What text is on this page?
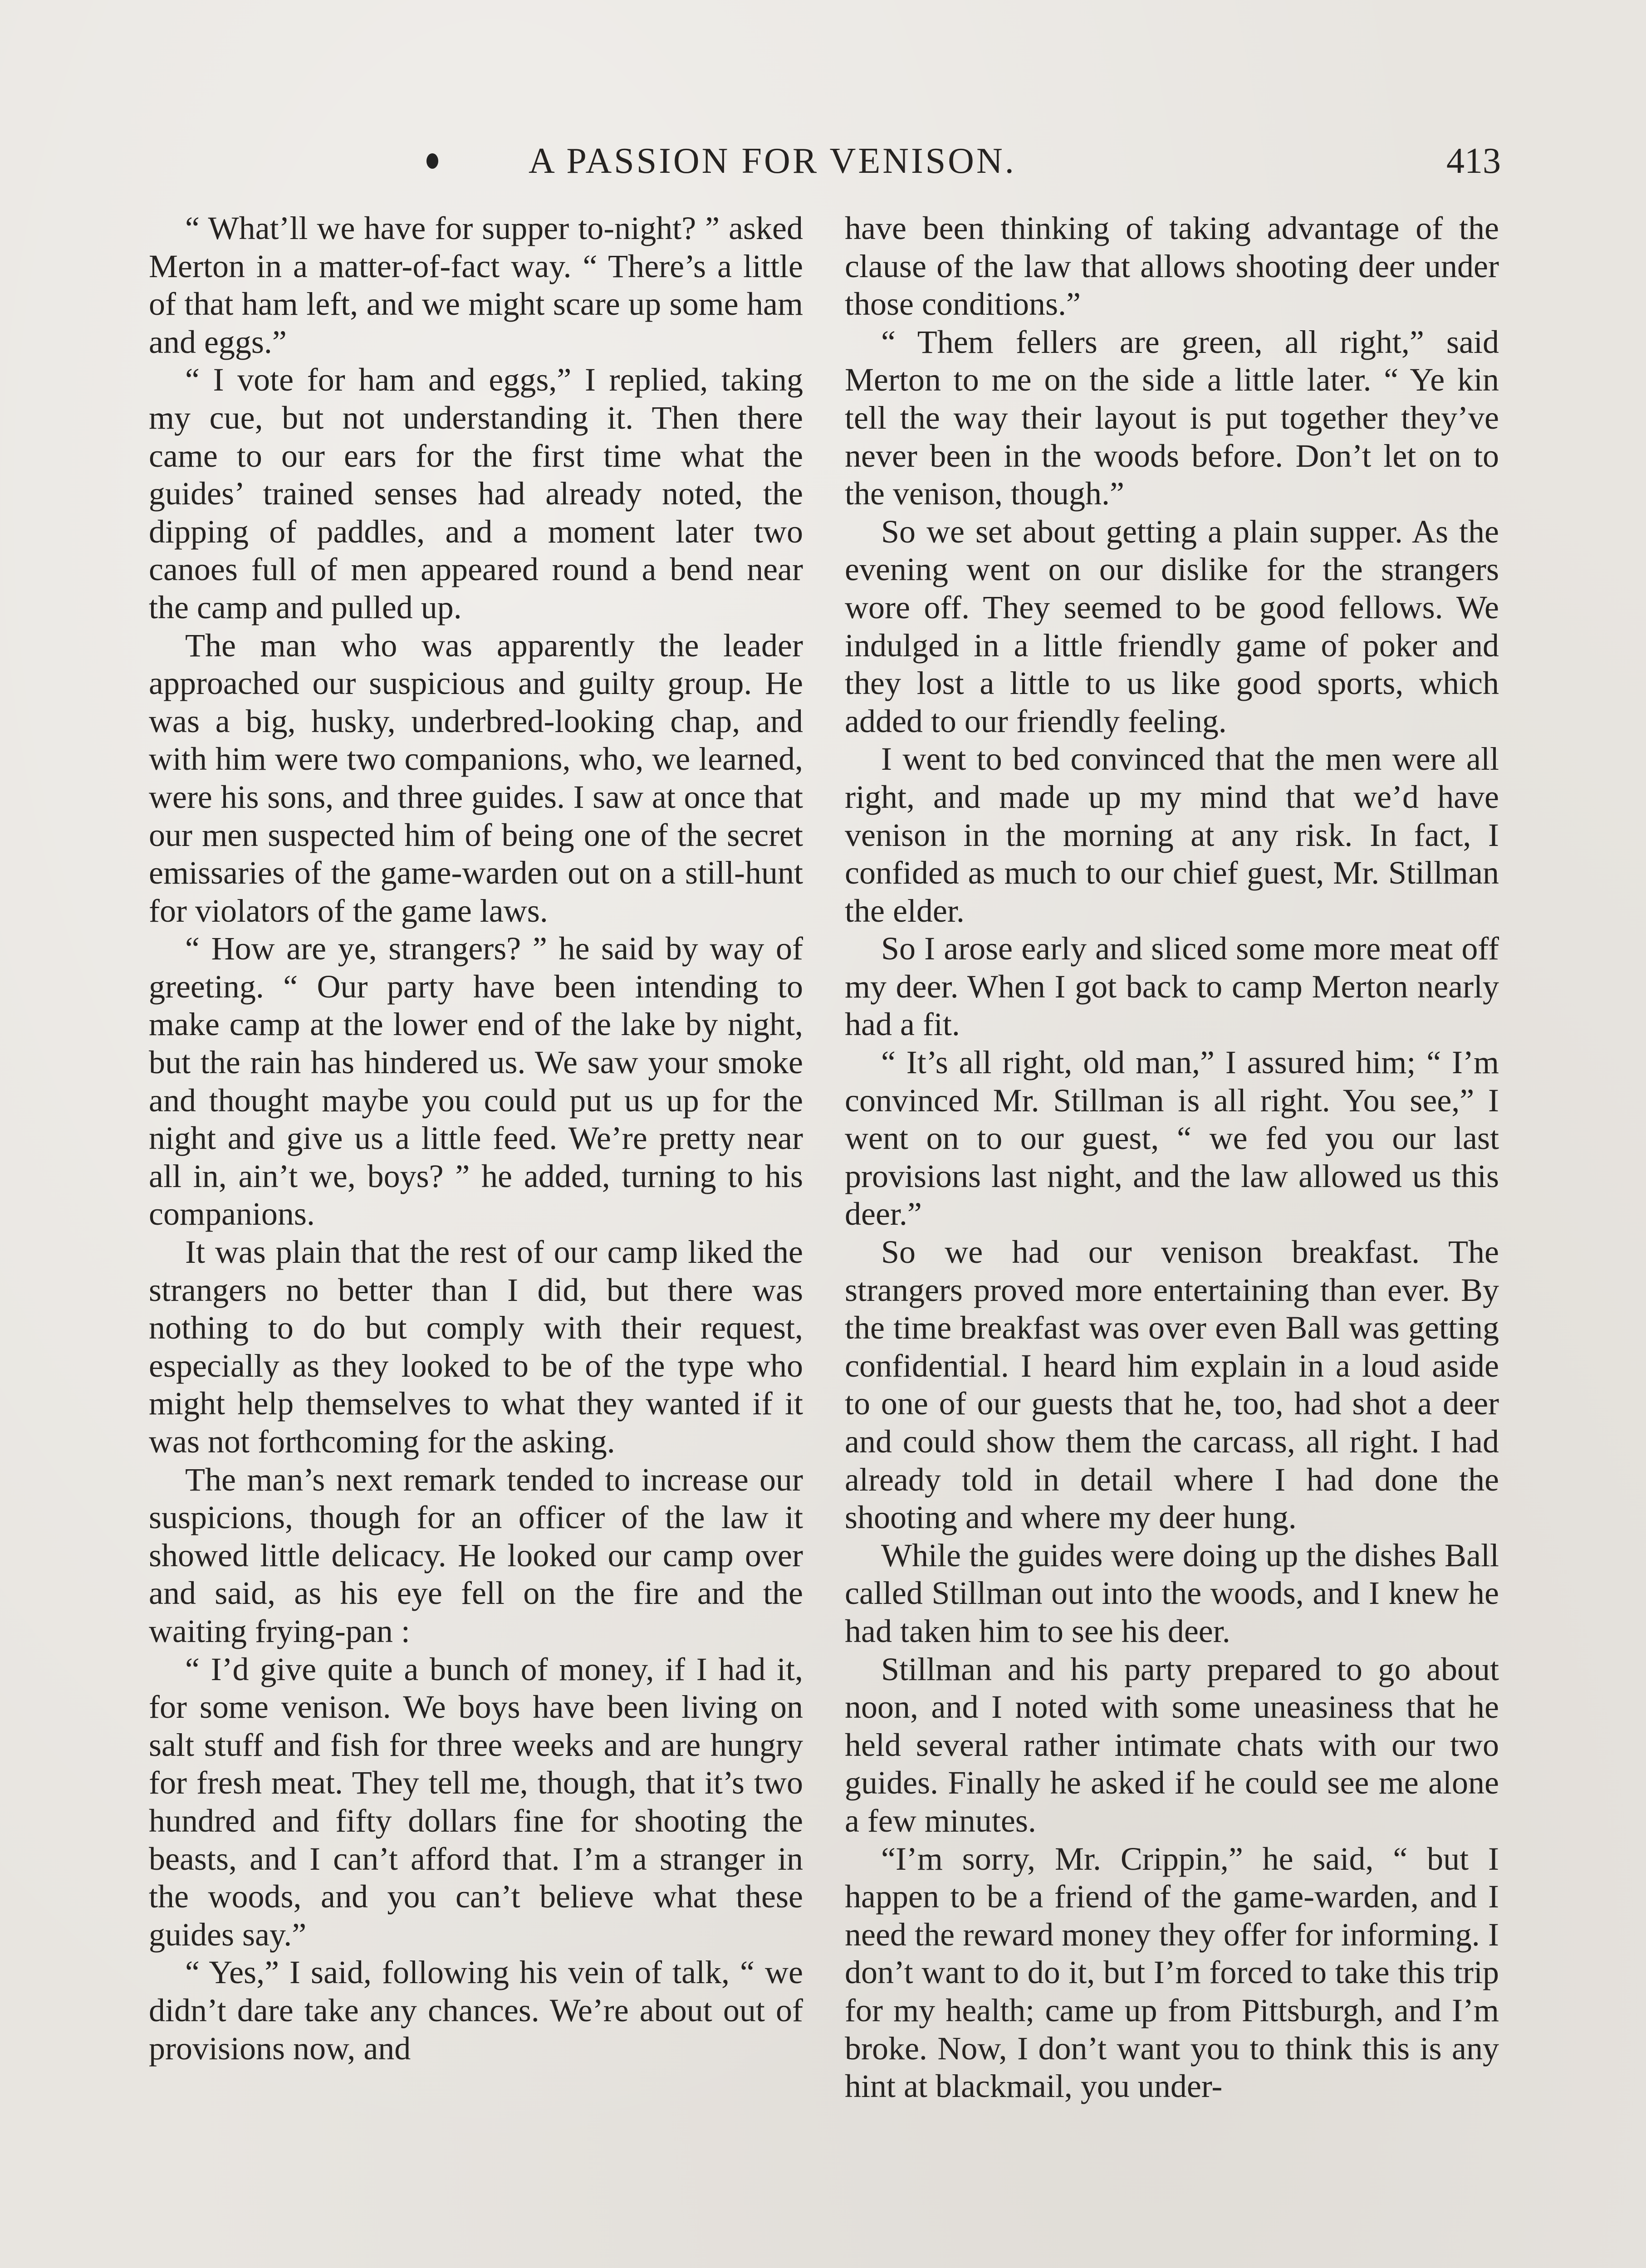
A PASSION FOR VENISON.	413

“ What’ll we have for supper to-night? ” asked Merton in a matter-of-fact way. “ There’s a little of that ham left, and we might scare up some ham and eggs.”

“ I vote for ham and eggs,” I replied, taking my cue, but not understanding it. Then there came to our ears for the first time what the guides’ trained senses had already noted, the dipping of paddles, and a moment later two canoes full of men appeared round a bend near the camp and pulled up.

The man who was apparently the leader approached our suspicious and guilty group. He was a big, husky, underbred-looking chap, and with him were two companions, who, we learned, were his sons, and three guides. I saw at once that our men suspected him of being one of the secret emissaries of the game-warden out on a still-hunt for violators of the game laws.

“ How are ye, strangers? ” he said by way of greeting. “ Our party have been intending to make camp at the lower end of the lake by night, but the rain has hindered us. We saw your smoke and thought maybe you could put us up for the night and give us a little feed. We’re pretty near all in, ain’t we, boys? ” he added, turning to his companions.

It was plain that the rest of our camp liked the strangers no better than I did, but there was nothing to do but comply with their request, especially as they looked to be of the type who might help themselves to what they wanted if it was not forthcoming for the asking.

The man’s next remark tended to increase our suspicions, though for an officer of the law it showed little delicacy. He looked our camp over and said, as his eye fell on the fire and the waiting frying-pan :

“ I’d give quite a bunch of money, if I had it, for some venison. We boys have been living on salt stuff and fish for three weeks and are hungry for fresh meat. They tell me, though, that it’s two hundred and fifty dollars fine for shooting the beasts, and I can’t afford that. I’m a stranger in the woods, and you can’t believe what these guides say.”

“ Yes,” I said, following his vein of talk, “ we didn’t dare take any chances. We’re about out of provisions now, and

have been thinking of taking advantage of the clause of the law that allows shooting deer under those conditions.”

“ Them fellers are green, all right,” said Merton to me on the side a little later. “ Ye kin tell the way their layout is put together they’ve never been in the woods before. Don’t let on to the venison, though.”

So we set about getting a plain supper. As the evening went on our dislike for the strangers wore off. They seemed to be good fellows. We indulged in a little friendly game of poker and they lost a little to us like good sports, which added to our friendly feeling.

I went to bed convinced that the men were all right, and made up my mind that we’d have venison in the morning at any risk. In fact, I confided as much to our chief guest, Mr. Stillman the elder.

So I arose early and sliced some more meat off my deer. When I got back to camp Merton nearly had a fit.

“ It’s all right, old man,” I assured him; “ I’m convinced Mr. Stillman is all right. You see,” I went on to our guest, “ we fed you our last provisions last night, and the law allowed us this deer.”

So we had our venison breakfast. The strangers proved more entertaining than ever. By the time breakfast was over even Ball was getting confidential. I heard him explain in a loud aside to one of our guests that he, too, had shot a deer and could show them the carcass, all right. I had already told in detail where I had done the shooting and where my deer hung.

While the guides were doing up the dishes Ball called Stillman out into the woods, and I knew he had taken him to see his deer.

Stillman and his party prepared to go about noon, and I noted with some uneasiness that he held several rather intimate chats with our two guides. Finally he asked if he could see me alone a few minutes.

“I’m sorry, Mr. Crippin,” he said, “ but I happen to be a friend of the game-warden, and I need the reward money they offer for informing. I don’t want to do it, but I’m forced to take this trip for my health; came up from Pittsburgh, and I’m broke. Now, I don’t want you to think this is any hint at blackmail, you under-
